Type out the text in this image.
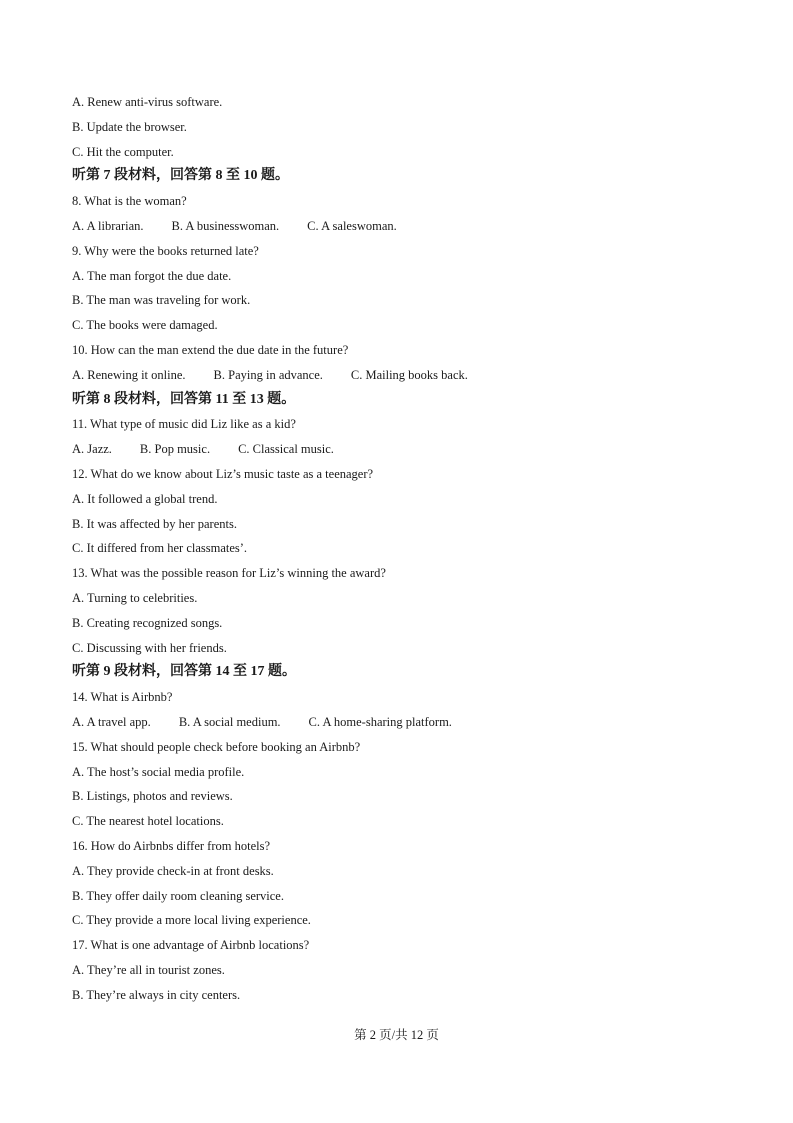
A. Renew anti-virus software.
B. Update the browser.
C. Hit the computer.
听第 7 段材料，回答第 8 至 10 题。
8. What is the woman?
A. A librarian. B. A businesswoman. C. A saleswoman.
9. Why were the books returned late?
A. The man forgot the due date.
B. The man was traveling for work.
C. The books were damaged.
10. How can the man extend the due date in the future?
A. Renewing it online. B. Paying in advance. C. Mailing books back.
听第 8 段材料，回答第 11 至 13 题。
11. What type of music did Liz like as a kid?
A. Jazz. B. Pop music. C. Classical music.
12. What do we know about Liz’s music taste as a teenager?
A. It followed a global trend.
B. It was affected by her parents.
C. It differed from her classmates’.
13. What was the possible reason for Liz’s winning the award?
A. Turning to celebrities.
B. Creating recognized songs.
C. Discussing with her friends.
听第 9 段材料，回答第 14 至 17 题。
14. What is Airbnb?
A. A travel app. B. A social medium. C. A home-sharing platform.
15. What should people check before booking an Airbnb?
A. The host’s social media profile.
B. Listings, photos and reviews.
C. The nearest hotel locations.
16. How do Airbnbs differ from hotels?
A. They provide check-in at front desks.
B. They offer daily room cleaning service.
C. They provide a more local living experience.
17. What is one advantage of Airbnb locations?
A. They’re all in tourist zones.
B. They’re always in city centers.
第 2 页/共 12 页
